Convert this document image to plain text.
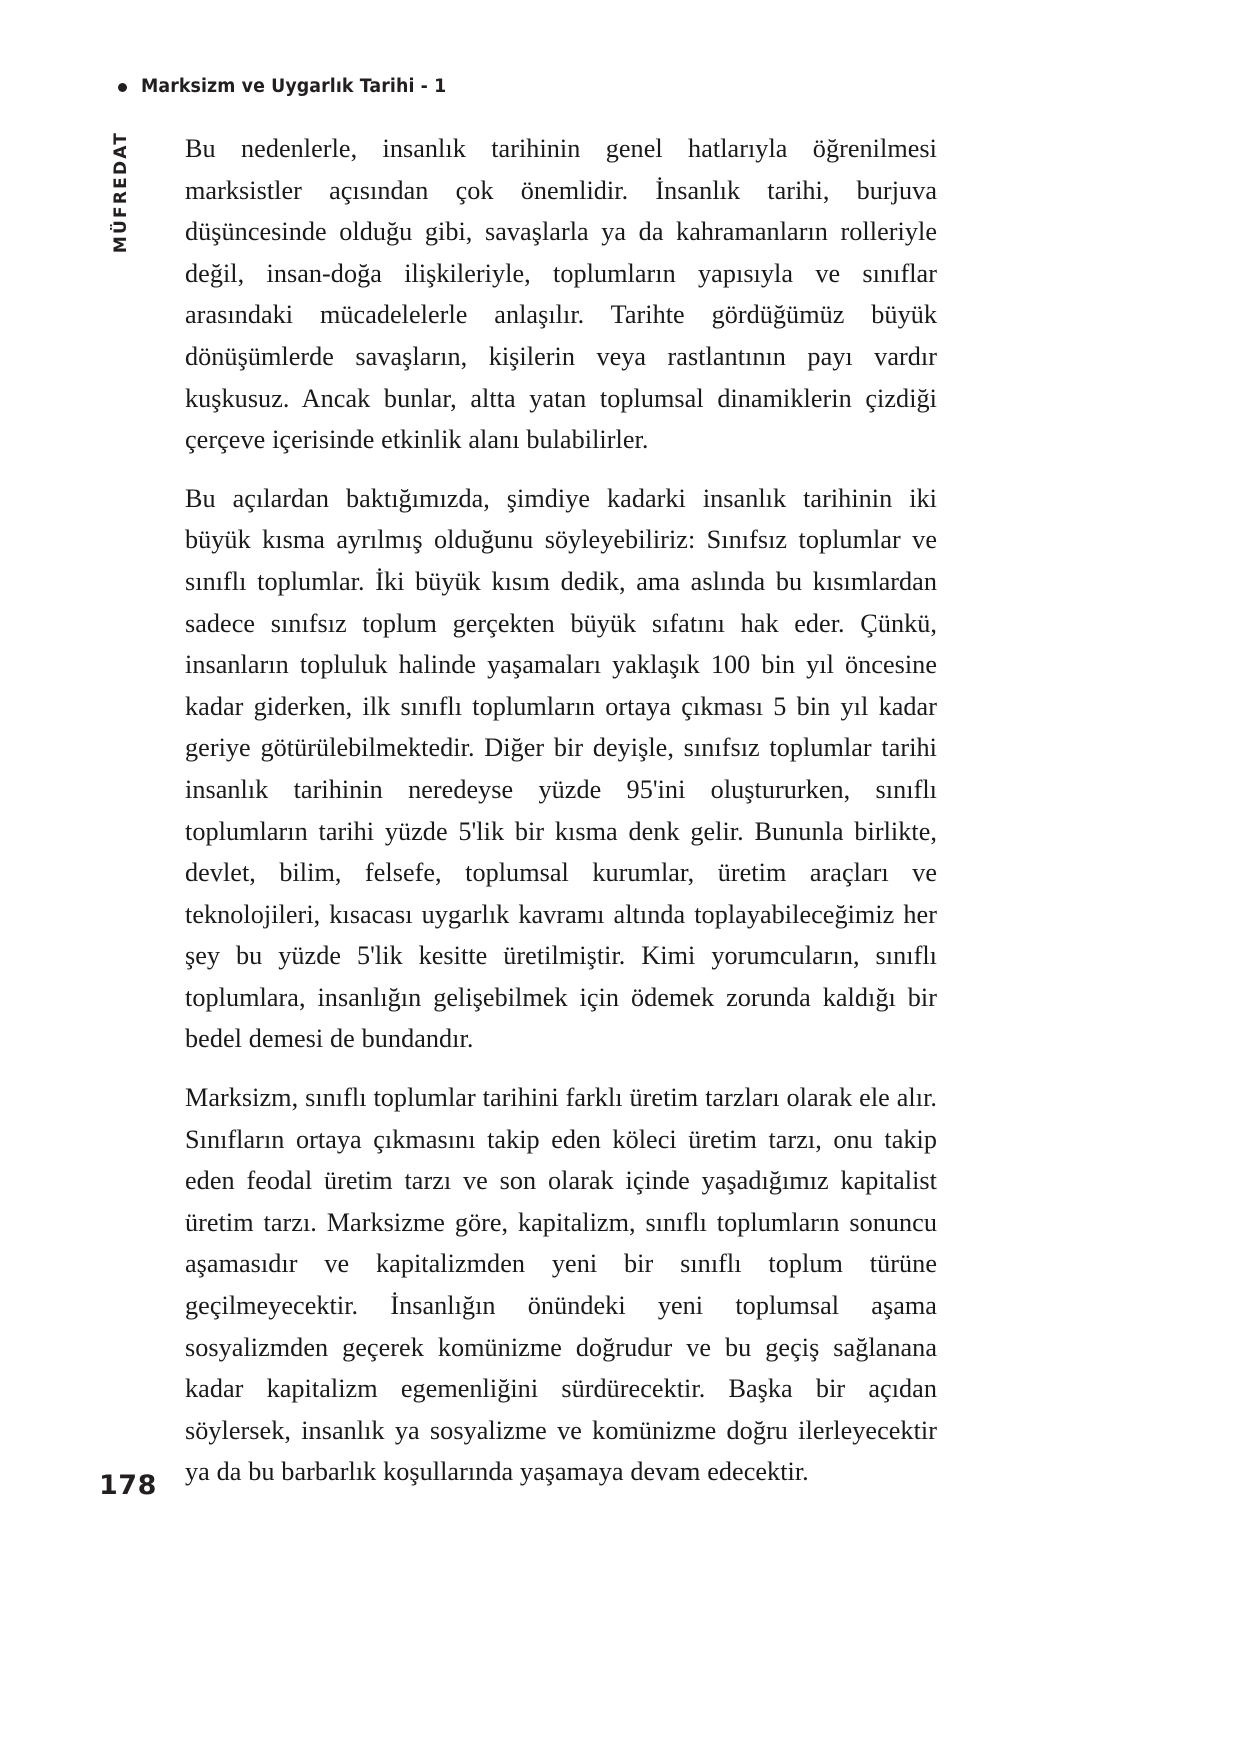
Marksizm ve Uygarlık Tarihi - 1
MÜFREDAT Bu nedenlerle, insanlık tarihinin genel hatlarıyla öğrenilmesi marksistler açısından çok önemlidir. İnsanlık tarihi, burjuva düşüncesinde olduğu gibi, savaşlarla ya da kahramanların rolleriyle değil, insan-doğa ilişkileriyle, toplumların yapısıyla ve sınıflar arasındaki mücadelelerle anlaşılır. Tarihte gördüğümüz büyük dönüşümlerde savaşların, kişilerin veya rastlantının payı vardır kuşkusuz. Ancak bunlar, altta yatan toplumsal dinamiklerin çizdiği çerçeve içerisinde etkinlik alanı bulabilirler.

Bu açılardan baktığımızda, şimdiye kadarki insanlık tarihinin iki büyük kısma ayrılmış olduğunu söyleyebiliriz: Sınıfsız toplumlar ve sınıflı toplumlar. İki büyük kısım dedik, ama aslında bu kısımlardan sadece sınıfsız toplum gerçekten büyük sıfatını hak eder. Çünkü, insanların topluluk halinde yaşamaları yaklaşık 100 bin yıl öncesine kadar giderken, ilk sınıflı toplumların ortaya çıkması 5 bin yıl kadar geriye götürülebilmektedir. Diğer bir deyişle, sınıfsız toplumlar tarihi insanlık tarihinin neredeyse yüzde 95'ini oluştururken, sınıflı toplumların tarihi yüzde 5'lik bir kısma denk gelir. Bununla birlikte, devlet, bilim, felsefe, toplumsal kurumlar, üretim araçları ve teknolojileri, kısacası uygarlık kavramı altında toplayabileceğimiz her şey bu yüzde 5'lik kesitte üretilmiştir. Kimi yorumcuların, sınıflı toplumlara, insanlığın gelişebilmek için ödemek zorunda kaldığı bir bedel demesi de bundandır.

Marksizm, sınıflı toplumlar tarihini farklı üretim tarzları olarak ele alır. Sınıfların ortaya çıkmasını takip eden köleci üretim tarzı, onu takip eden feodal üretim tarzı ve son olarak içinde yaşadığımız kapitalist üretim tarzı. Marksizme göre, kapitalizm, sınıflı toplumların sonuncu aşamasıdır ve kapitalizmden yeni bir sınıflı toplum türüne geçilmeyecektir. İnsanlığın önündeki yeni toplumsal aşama sosyalizmden geçerek komünizme doğrudur ve bu geçiş sağlanana kadar kapitalizm egemenliğini sürdürecektir. Başka bir açıdan söylersek, insanlık ya sosyalizme ve komünizme doğru ilerleyecektir ya da bu barbarlık koşullarında yaşamaya devam edecektir.

178
